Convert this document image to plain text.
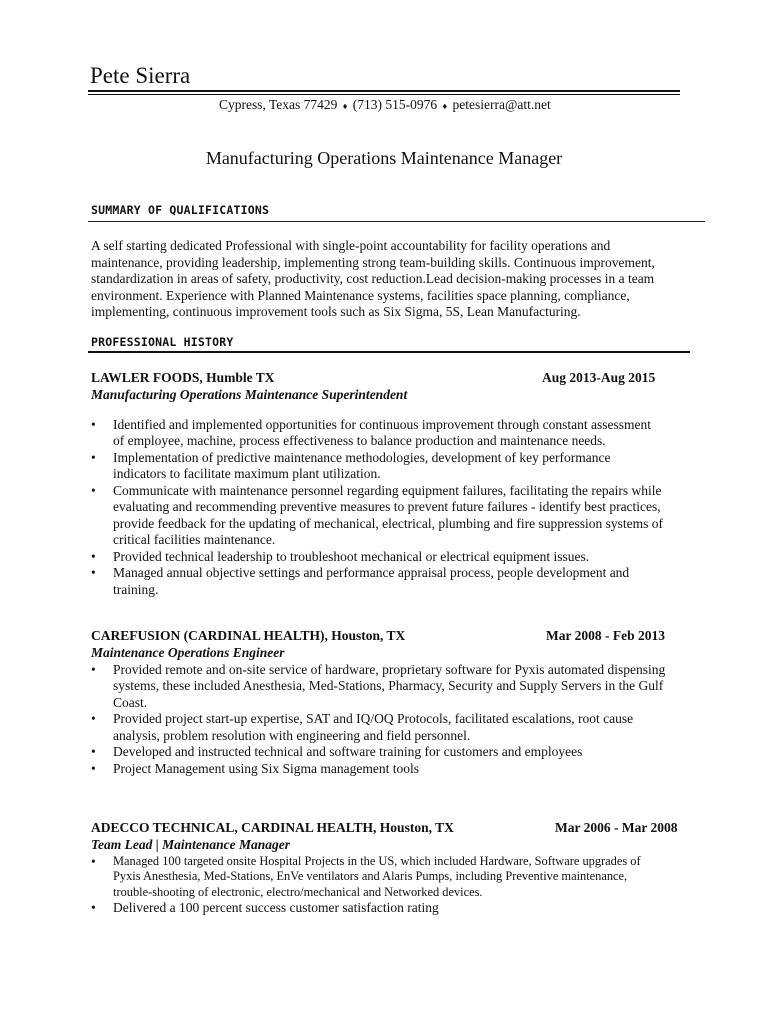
Pete Sierra
Cypress, Texas 77429 ♦ (713) 515-0976 ♦ petesierra@att.net
Manufacturing Operations Maintenance Manager
SUMMARY OF QUALIFICATIONS
A self starting dedicated Professional with single-point accountability for facility operations and
maintenance, providing leadership, implementing strong team-building skills. Continuous improvement,
standardization in areas of safety, productivity, cost reduction.Lead decision-making processes in a team
environment. Experience with Planned Maintenance systems, facilities space planning, compliance,
implementing, continuous improvement tools such as Six Sigma, 5S, Lean Manufacturing.
PROFESSIONAL HISTORY
LAWLER FOODS, Humble TX	Aug 2013-Aug 2015
Manufacturing Operations Maintenance Superintendent
• Identified and implemented opportunities for continuous improvement through constant assessment
of employee, machine, process effectiveness to balance production and maintenance needs.
• Implementation of predictive maintenance methodologies, development of key performance
indicators to facilitate maximum plant utilization.
• Communicate with maintenance personnel regarding equipment failures, facilitating the repairs while
evaluating and recommending preventive measures to prevent future failures - identify best practices,
provide feedback for the updating of mechanical, electrical, plumbing and fire suppression systems of
critical facilities maintenance.
• Provided technical leadership to troubleshoot mechanical or electrical equipment issues.
• Managed annual objective settings and performance appraisal process, people development and
training.
CAREFUSION (CARDINAL HEALTH), Houston, TX	Mar 2008 - Feb 2013
Maintenance Operations Engineer
• Provided remote and on-site service of hardware, proprietary software for Pyxis automated dispensing
systems, these included Anesthesia, Med-Stations, Pharmacy, Security and Supply Servers in the Gulf
Coast.
• Provided project start-up expertise, SAT and IQ/OQ Protocols, facilitated escalations, root cause
analysis, problem resolution with engineering and field personnel.
• Developed and instructed technical and software training for customers and employees
• Project Management using Six Sigma management tools
ADECCO TECHNICAL, CARDINAL HEALTH, Houston, TX	Mar 2006 - Mar 2008
Team Lead | Maintenance Manager
• Managed 100 targeted onsite Hospital Projects in the US, which included Hardware, Software upgrades of
Pyxis Anesthesia, Med-Stations, EnVe ventilators and Alaris Pumps, including Preventive maintenance,
trouble-shooting of electronic, electro/mechanical and Networked devices.
• Delivered a 100 percent success customer satisfaction rating
